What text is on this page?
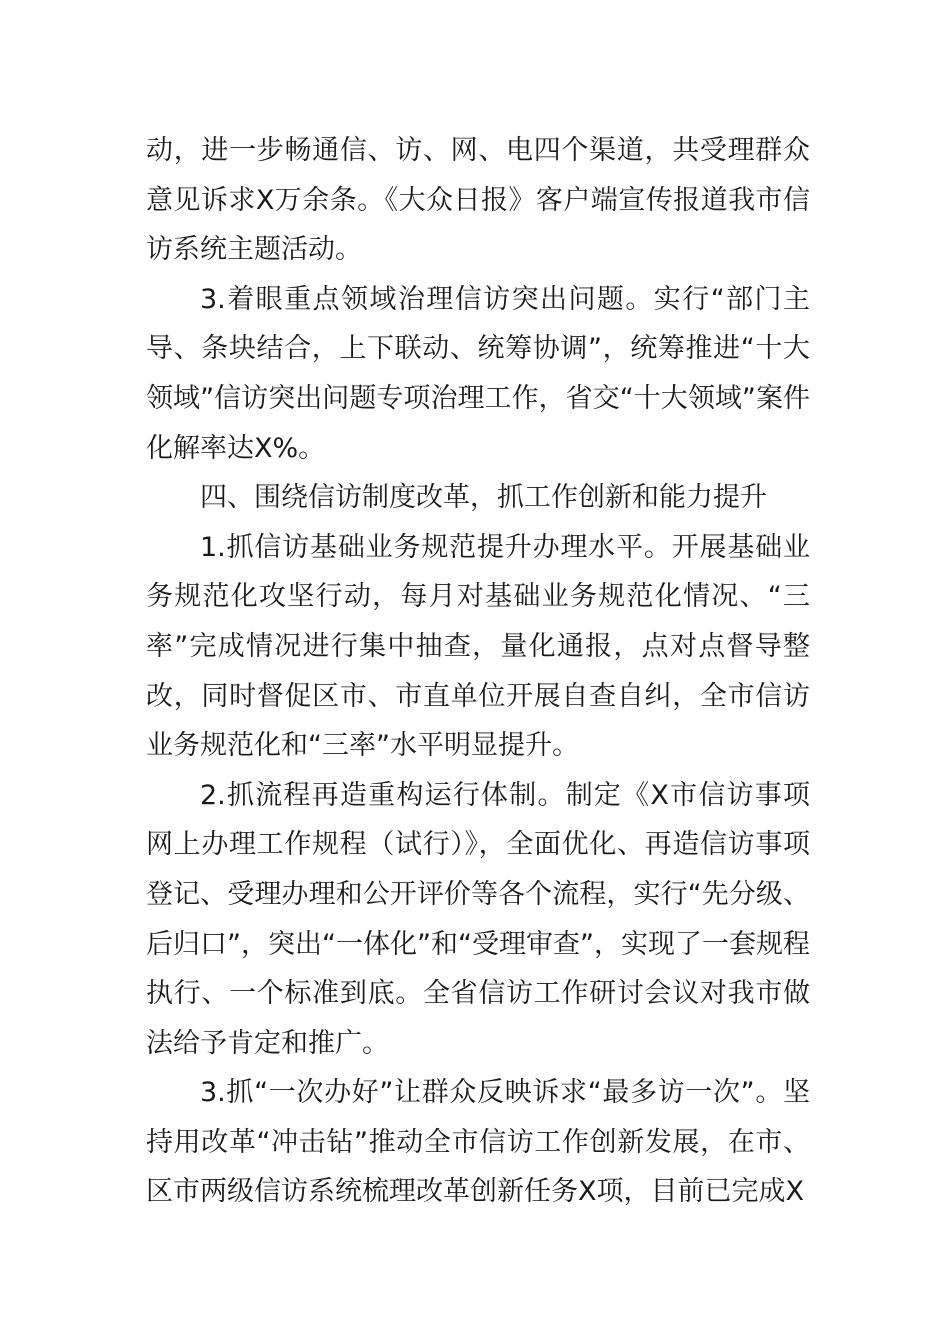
动，进一步畅通信、访、网、电四个渠道，共受理群众意见诉求X万余条。《大众日报》客户端宣传报道我市信访系统主题活动。

3.着眼重点领域治理信访突出问题。实行“部门主导、条块结合，上下联动、统筹协调”，统筹推进“十大领域”信访突出问题专项治理工作，省交“十大领域”案件化解率达X%。

四、围绕信访制度改革，抓工作创新和能力提升

1.抓信访基础业务规范提升办理水平。开展基础业务规范化攻坚行动，每月对基础业务规范化情况、“三率”完成情况进行集中抽查，量化通报，点对点督导整改，同时督促区市、市直单位开展自查自纠，全市信访业务规范化和“三率”水平明显提升。

2.抓流程再造重构运行体制。制定《X市信访事项网上办理工作规程（试行）》，全面优化、再造信访事项登记、受理办理和公开评价等各个流程，实行“先分级、后归口”，突出“一体化”和“受理审查”，实现了一套规程执行、一个标准到底。全省信访工作研讨会议对我市做法给予肯定和推广。

3.抓“一次办好”让群众反映诉求“最多访一次”。坚持用改革“冲击钻”推动全市信访工作创新发展，在市、区市两级信访系统梳理改革创新任务X项，目前已完成X
